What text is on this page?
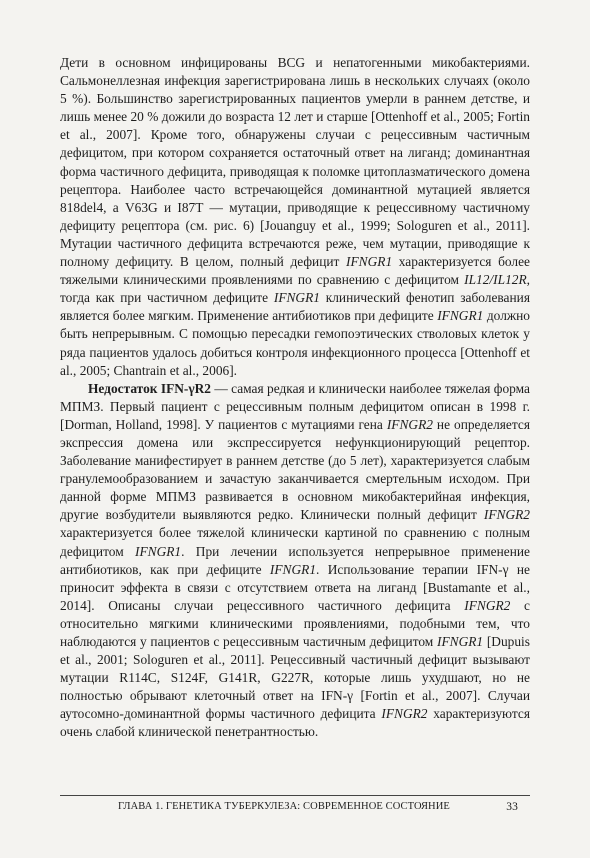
Дети в основном инфицированы BCG и непатогенными микобактериями. Сальмонеллезная инфекция зарегистрирована лишь в нескольких случаях (около 5 %). Большинство зарегистрированных пациентов умерли в раннем детстве, и лишь менее 20 % дожили до возраста 12 лет и старше [Ottenhoff et al., 2005; Fortin et al., 2007]. Кроме того, обнаружены случаи с рецессивным частичным дефицитом, при котором сохраняется остаточный ответ на лиганд; доминантная форма частичного дефицита, приводящая к поломке цитоплазматического домена рецептора. Наиболее часто встречающейся доминантной мутацией является 818del4, а V63G и I87T — мутации, приводящие к рецессивному частичному дефициту рецептора (см. рис. 6) [Jouanguy et al., 1999; Sologuren et al., 2011]. Мутации частичного дефицита встречаются реже, чем мутации, приводящие к полному дефициту. В целом, полный дефицит IFNGR1 характеризуется более тяжелыми клиническими проявлениями по сравнению с дефицитом IL12/IL12R, тогда как при частичном дефиците IFNGR1 клинический фенотип заболевания является более мягким. Применение антибиотиков при дефиците IFNGR1 должно быть непрерывным. С помощью пересадки гемопоэтических стволовых клеток у ряда пациентов удалось добиться контроля инфекционного процесса [Ottenhoff et al., 2005; Chantrain et al., 2006].

Недостаток IFN-γR2 — самая редкая и клинически наиболее тяжелая форма МПМЗ. Первый пациент с рецессивным полным дефицитом описан в 1998 г. [Dorman, Holland, 1998]. У пациентов с мутациями гена IFNGR2 не определяется экспрессия домена или экспрессируется нефункционирующий рецептор. Заболевание манифестирует в раннем детстве (до 5 лет), характеризуется слабым гранулемообразованием и зачастую заканчивается смертельным исходом. При данной форме МПМЗ развивается в основном микобактерийная инфекция, другие возбудители выявляются редко. Клинически полный дефицит IFNGR2 характеризуется более тяжелой клинически картиной по сравнению с полным дефицитом IFNGR1. При лечении используется непрерывное применение антибиотиков, как при дефиците IFNGR1. Использование терапии IFN-γ не приносит эффекта в связи с отсутствием ответа на лиганд [Bustamante et al., 2014]. Описаны случаи рецессивного частичного дефицита IFNGR2 с относительно мягкими клиническими проявлениями, подобными тем, что наблюдаются у пациентов с рецессивным частичным дефицитом IFNGR1 [Dupuis et al., 2001; Sologuren et al., 2011]. Рецессивный частичный дефицит вызывают мутации R114C, S124F, G141R, G227R, которые лишь ухудшают, но не полностью обрывают клеточный ответ на IFN-γ [Fortin et al., 2007]. Случаи аутосомно-доминантной формы частичного дефицита IFNGR2 характеризуются очень слабой клинической пенетрантностью.

ГЛАВА 1. ГЕНЕТИКА ТУБЕРКУЛЕЗА: СОВРЕМЕННОЕ СОСТОЯНИЕ	33
